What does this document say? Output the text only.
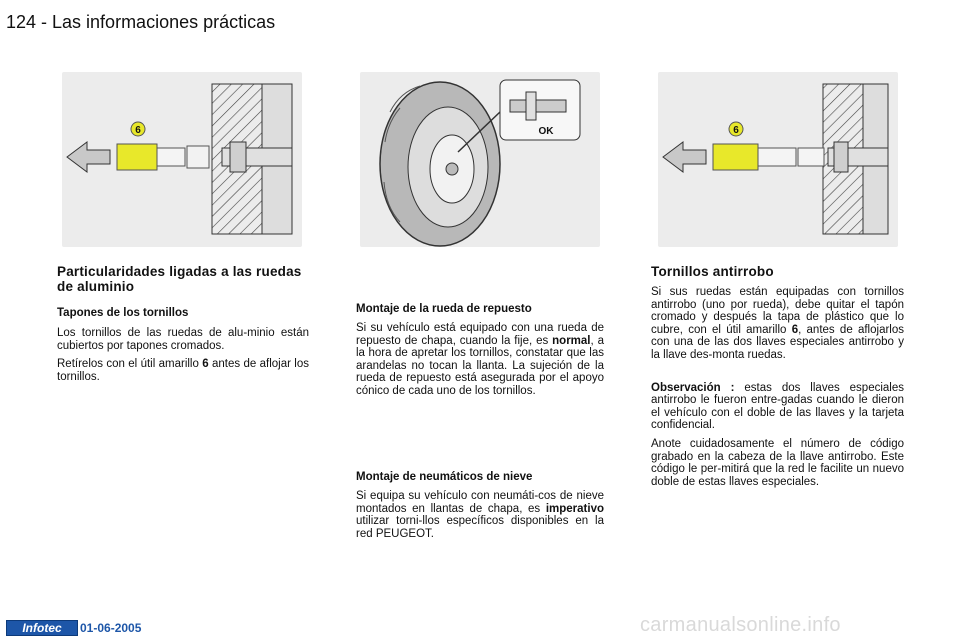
124 - Las informaciones prácticas
6	OK	6
Particularidades ligadas a las ruedas de aluminio
Tapones de los tornillos

Los tornillos de las ruedas de alu-minio están cubiertos por tapones cromados.

Retírelos con el útil amarillo 6 antes de aflojar los tornillos.

Montaje de la rueda de repuesto

Si su vehículo está equipado con una rueda de repuesto de chapa, cuando la fije, es normal, a la hora de apretar los tornillos, constatar que las arandelas no tocan la llanta. La sujeción de la rueda de repuesto está asegurada por el apoyo cónico de cada uno de los tornillos.

Montaje de neumáticos de nieve

Si equipa su vehículo con neumáti-cos de nieve montados en llantas de chapa, es imperativo utilizar torni-llos específicos disponibles en la red PEUGEOT.

Tornillos antirrobo

Si sus ruedas están equipadas con tornillos antirrobo (uno por rueda), debe quitar el tapón cromado y después la tapa de plástico que lo cubre, con el útil amarillo 6, antes de aflojarlos con una de las dos llaves especiales antirrobo y la llave des-monta ruedas.

Observación : estas dos llaves especiales antirrobo le fueron entre-gadas cuando le dieron el vehículo con el doble de las llaves y la tarjeta confidencial.

Anote cuidadosamente el número de código grabado en la cabeza de la llave antirrobo. Este código le per-mitirá que la red le facilite un nuevo doble de estas llaves especiales.

Infotec	01-06-2005	carmanualsonline.info
